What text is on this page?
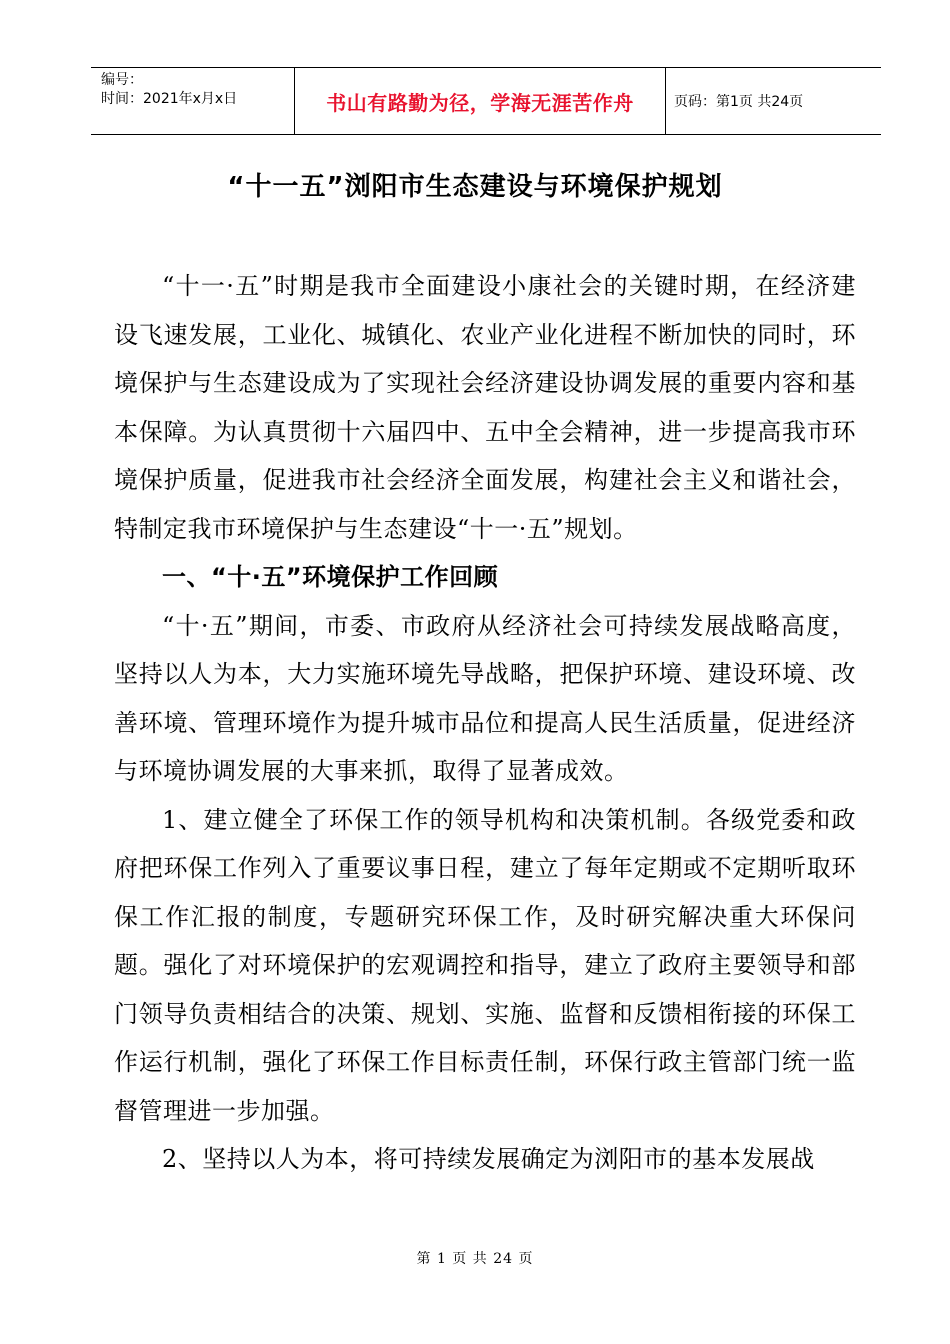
编号：
时间：2021年x月x日	书山有路勤为径，学海无涯苦作舟	页码：第1页 共24页
“十一五”浏阳市生态建设与环境保护规划

“十一·五”时期是我市全面建设小康社会的关键时期，在经济建设飞速发展，工业化、城镇化、农业产业化进程不断加快的同时，环境保护与生态建设成为了实现社会经济建设协调发展的重要内容和基本保障。为认真贯彻十六届四中、五中全会精神，进一步提高我市环境保护质量，促进我市社会经济全面发展，构建社会主义和谐社会，特制定我市环境保护与生态建设“十一·五”规划。

一、“十·五”环境保护工作回顾

“十·五”期间，市委、市政府从经济社会可持续发展战略高度，坚持以人为本，大力实施环境先导战略，把保护环境、建设环境、改善环境、管理环境作为提升城市品位和提高人民生活质量，促进经济与环境协调发展的大事来抓，取得了显著成效。

1、建立健全了环保工作的领导机构和决策机制。各级党委和政府把环保工作列入了重要议事日程，建立了每年定期或不定期听取环保工作汇报的制度，专题研究环保工作，及时研究解决重大环保问题。强化了对环境保护的宏观调控和指导，建立了政府主要领导和部门领导负责相结合的决策、规划、实施、监督和反馈相衔接的环保工作运行机制，强化了环保工作目标责任制，环保行政主管部门统一监督管理进一步加强。

2、坚持以人为本，将可持续发展确定为浏阳市的基本发展战

第 1 页 共 24 页
